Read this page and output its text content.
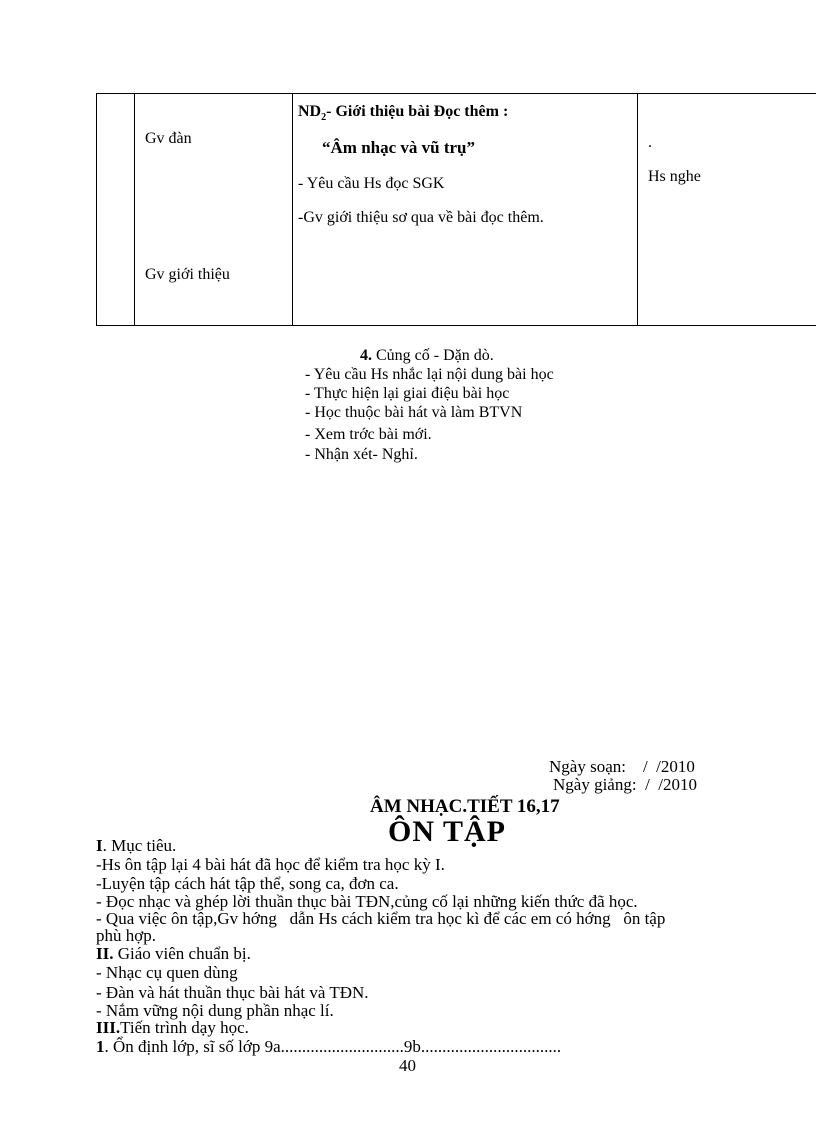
Gv đàn
Gv giới thiệu
$ND_2-$ Giới thiệu bài Đọc thêm :
“Âm nhạc và vũ trụ”
- Yêu cầu Hs đọc SGK
-Gv giới thiệu sơ qua về bài đọc thêm.
.
Hs nghe
4. Củng cố - Dặn dò.
- Yêu cầu Hs nhắc lại nội dung bài học
- Thực hiện lại giai điệu bài học
- Học thuộc bài hát và làm BTVN
- Xem trớc bài mới.
- Nhận xét- Nghỉ.
Ngày soạn:    /  /2010
Ngày giảng:  /  /2010
ÂM NHẠC.TIẾT 16,17
ÔN TẬP
I. Mục tiêu.
-Hs ôn tập lại 4 bài hát đã học để kiểm tra học kỳ I.
-Luyện tập cách hát tập thể, song ca, đơn ca.
- Đọc nhạc và ghép lời thuần thục bài TĐN,củng cố lại những kiến thức đã học.
- Qua việc ôn tập,Gv hớng   dẫn Hs cách kiểm tra học kì để các em có hớng   ôn tập
phù hợp.
II. Giáo viên chuẩn bị.
- Nhạc cụ quen dùng
- Đàn và hát thuần thục bài hát và TĐN.
- Nắm vững nội dung phần nhạc lí.
III.Tiến trình dạy học.
1. Ổn định lớp, sĩ số lớp 9a.............................9b.................................
40
